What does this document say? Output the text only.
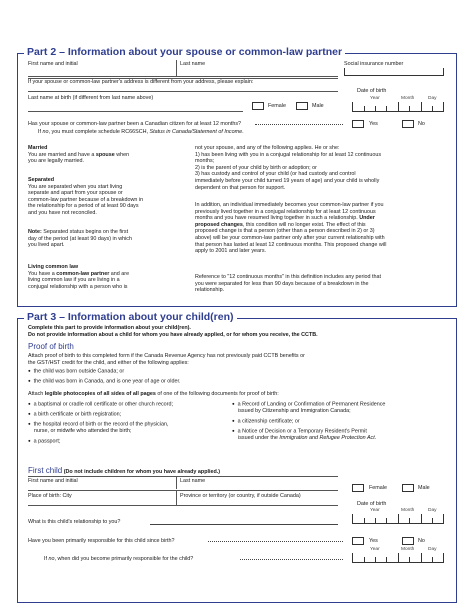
Part 2 – Information about your spouse or common-law partner
First name and initial	Last name	Social insurance number
If your spouse or common-law partner's address is different from your address, please explain:
Last name at birth (if different from last name above)
Female	Male
Date of birth
Year	Month	Day
Has your spouse or common-law partner been a Canadian citizen for at least 12 months?	Yes	No
If no, you must complete schedule RC66SCH, Status in Canada/Statement of Income.
Married
You are married and have a spouse when
you are legally married.
Separated
You are separated when you start living
separate and apart from your spouse or
common-law partner because of a breakdown in
the relationship for a period of at least 90 days
and you have not reconciled.
Note: Separated status begins on the first
day of the period (at least 90 days) in which
you lived apart.
Living common law
You have a common-law partner and are
living common law if you are living in a
conjugal relationship with a person who is
not your spouse, and any of the following applies. He or she:
1) has been living with you in a conjugal relationship for at least 12 continuous
months;
2) is the parent of your child by birth or adoption; or
3) has custody and control of your child (or had custody and control
immediately before your child turned 19 years of age) and your child is wholly
dependent on that person for support.
In addition, an individual immediately becomes your common-law partner if you
previously lived together in a conjugal relationship for at least 12 continuous
months and you have resumed living together in such a relationship. Under
proposed changes, this condition will no longer exist. The effect of this
proposed change is that a person (other than a person described in 2) or 3)
above) will be your common-law partner only after your current relationship with
that person has lasted at least 12 continuous months. This proposed change will
apply to 2001 and later years.
Reference to "12 continuous months" in this definition includes any period that
you were separated for less than 90 days because of a breakdown in the
relationship.
Part 3 – Information about your child(ren)
Complete this part to provide information about your child(ren).
Do not provide information about a child for whom you have already applied, or for whom you receive, the CCTB.
Proof of birth
Attach proof of birth to this completed form if the Canada Revenue Agency has not previously paid CCTB benefits or
the GST/HST credit for the child, and either of the following applies:
● the child was born outside Canada; or
● the child was born in Canada, and is one year of age or older.
Attach legible photocopies of all sides of all pages of one of the following documents for proof of birth:
● a baptismal or cradle roll certificate or other church record;
● a birth certificate or birth registration;
● the hospital record of birth or the record of the physician,
nurse, or midwife who attended the birth;
● a passport;
● a Record of Landing or Confirmation of Permanent Residence
issued by Citizenship and Immigration Canada;
● a citizenship certificate; or
● a Notice of Decision or a Temporary Resident's Permit
issued under the Immigration and Refugee Protection Act.
First child (Do not include children for whom you have already applied.)
First name and initial	Last name
Female	Male
Place of birth: City	Province or territory (or country, if outside Canada)
Date of birth
Year	Month	Day
What is this child's relationship to you?
Have you been primarily responsible for this child since birth?	Yes	No
Year	Month	Day
If no, when did you become primarily responsible for the child?
